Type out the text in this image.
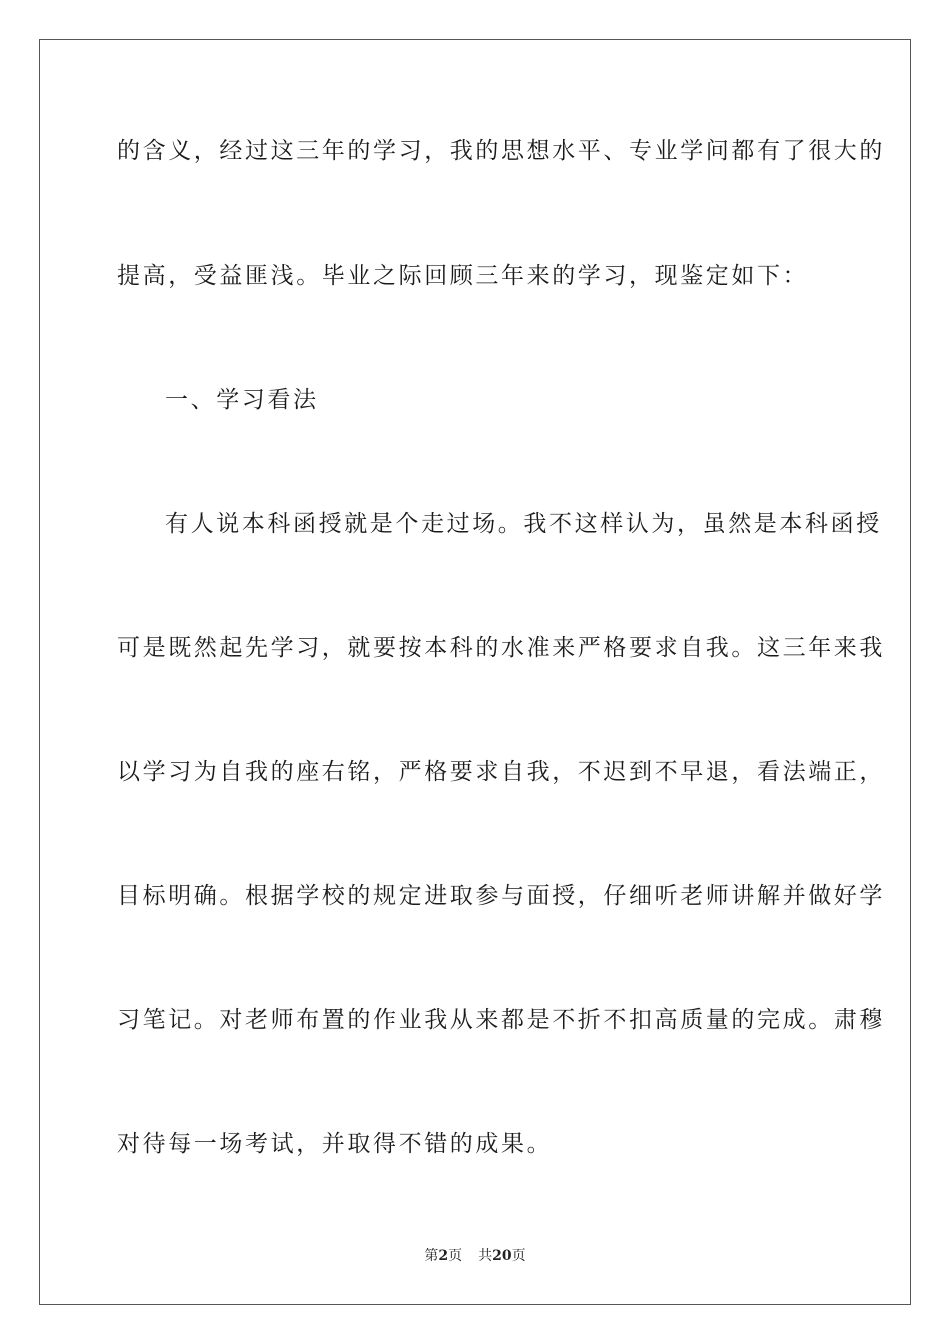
的含义，经过这三年的学习，我的思想水平、专业学问都有了很大的
提高，受益匪浅。毕业之际回顾三年来的学习，现鉴定如下：
一、学习看法
有人说本科函授就是个走过场。我不这样认为，虽然是本科函授
可是既然起先学习，就要按本科的水准来严格要求自我。这三年来我
以学习为自我的座右铭，严格要求自我，不迟到不早退，看法端正，
目标明确。根据学校的规定进取参与面授，仔细听老师讲解并做好学
习笔记。对老师布置的作业我从来都是不折不扣高质量的完成。肃穆
对待每一场考试，并取得不错的成果。
第2页 共20页
